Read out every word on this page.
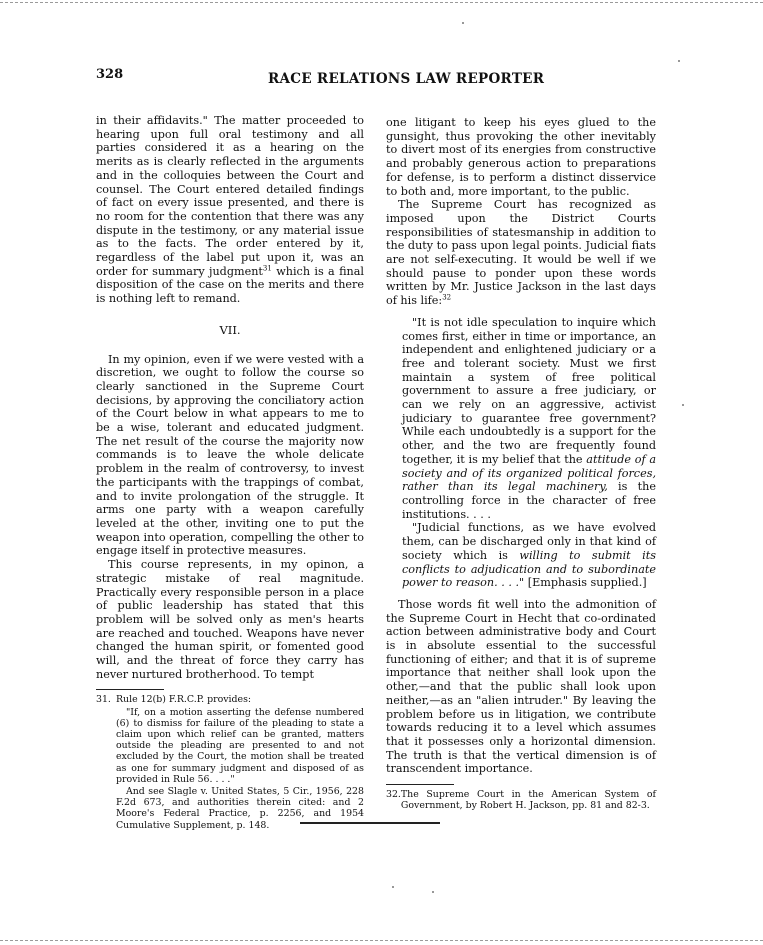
328	RACE RELATIONS LAW REPORTER

in their affidavits." The matter proceeded to hearing upon full oral testimony and all parties considered it as a hearing on the merits as is clearly reflected in the arguments and in the colloquies between the Court and counsel. The Court entered detailed findings of fact on every issue presented, and there is no room for the contention that there was any dispute in the testimony, or any material issue as to the facts. The order entered by it, regardless of the label put upon it, was an order for summary judgment$^{31}$ which is a final disposition of the case on the merits and there is nothing left to remand.

VII.

In my opinion, even if we were vested with a discretion, we ought to follow the course so clearly sanctioned in the Supreme Court decisions, by approving the conciliatory action of the Court below in what appears to me to be a wise, tolerant and educated judgment. The net result of the course the majority now commands is to leave the whole delicate problem in the realm of controversy, to invest the participants with the trappings of combat, and to invite prolongation of the struggle. It arms one party with a weapon carefully leveled at the other, inviting one to put the weapon into operation, compelling the other to engage itself in protective measures.

This course represents, in my opinon, a strategic mistake of real magnitude. Practically every responsible person in a place of public leadership has stated that this problem will be solved only as men's hearts are reached and touched. Weapons have never changed the human spirit, or fomented good will, and the threat of force they carry has never nurtured brotherhood. To tempt

31. Rule 12(b) F.R.C.P. provides:

"If, on a motion asserting the defense numbered (6) to dismiss for failure of the pleading to state a claim upon which relief can be granted, matters outside the pleading are presented to and not excluded by the Court, the motion shall be treated as one for summary judgment and disposed of as provided in Rule 56. . . ."

And see Slagle v. United States, 5 Cir., 1956, 228 F.2d 673, and authorities therein cited: and 2 Moore's Federal Practice, p. 2256, and 1954 Cumulative Supplement, p. 148.

one litigant to keep his eyes glued to the gunsight, thus provoking the other inevitably to divert most of its energies from constructive and probably generous action to preparations for defense, is to perform a distinct disservice to both and, more important, to the public.

The Supreme Court has recognized as imposed upon the District Courts responsibilities of statesmanship in addition to the duty to pass upon legal points. Judicial fiats are not self-executing. It would be well if we should pause to ponder upon these words written by Mr. Justice Jackson in the last days of his life:$^{32}$

"It is not idle speculation to inquire which comes first, either in time or importance, an independent and enlightened judiciary or a free and tolerant society. Must we first maintain a system of free political government to assure a free judiciary, or can we rely on an aggressive, activist judiciary to guarantee free government? While each undoubtedly is a support for the other, and the two are frequently found together, it is my belief that the attitude of a society and of its organized political forces, rather than its legal machinery, is the controlling force in the character of free institutions. . . .

"Judicial functions, as we have evolved them, can be discharged only in that kind of society which is willing to submit its conflicts to adjudication and to subordinate power to reason. . . ." [Emphasis supplied.]

Those words fit well into the admonition of the Supreme Court in Hecht that co-ordinated action between administrative body and Court is in absolute essential to the successful functioning of either; and that it is of supreme importance that neither shall look upon the other,—and that the public shall look upon neither,—as an "alien intruder." By leaving the problem before us in litigation, we contribute towards reducing it to a level which assumes that it possesses only a horizontal dimension. The truth is that the vertical dimension is of transcendent importance.

32. The Supreme Court in the American System of Government, by Robert H. Jackson, pp. 81 and 82-3.
